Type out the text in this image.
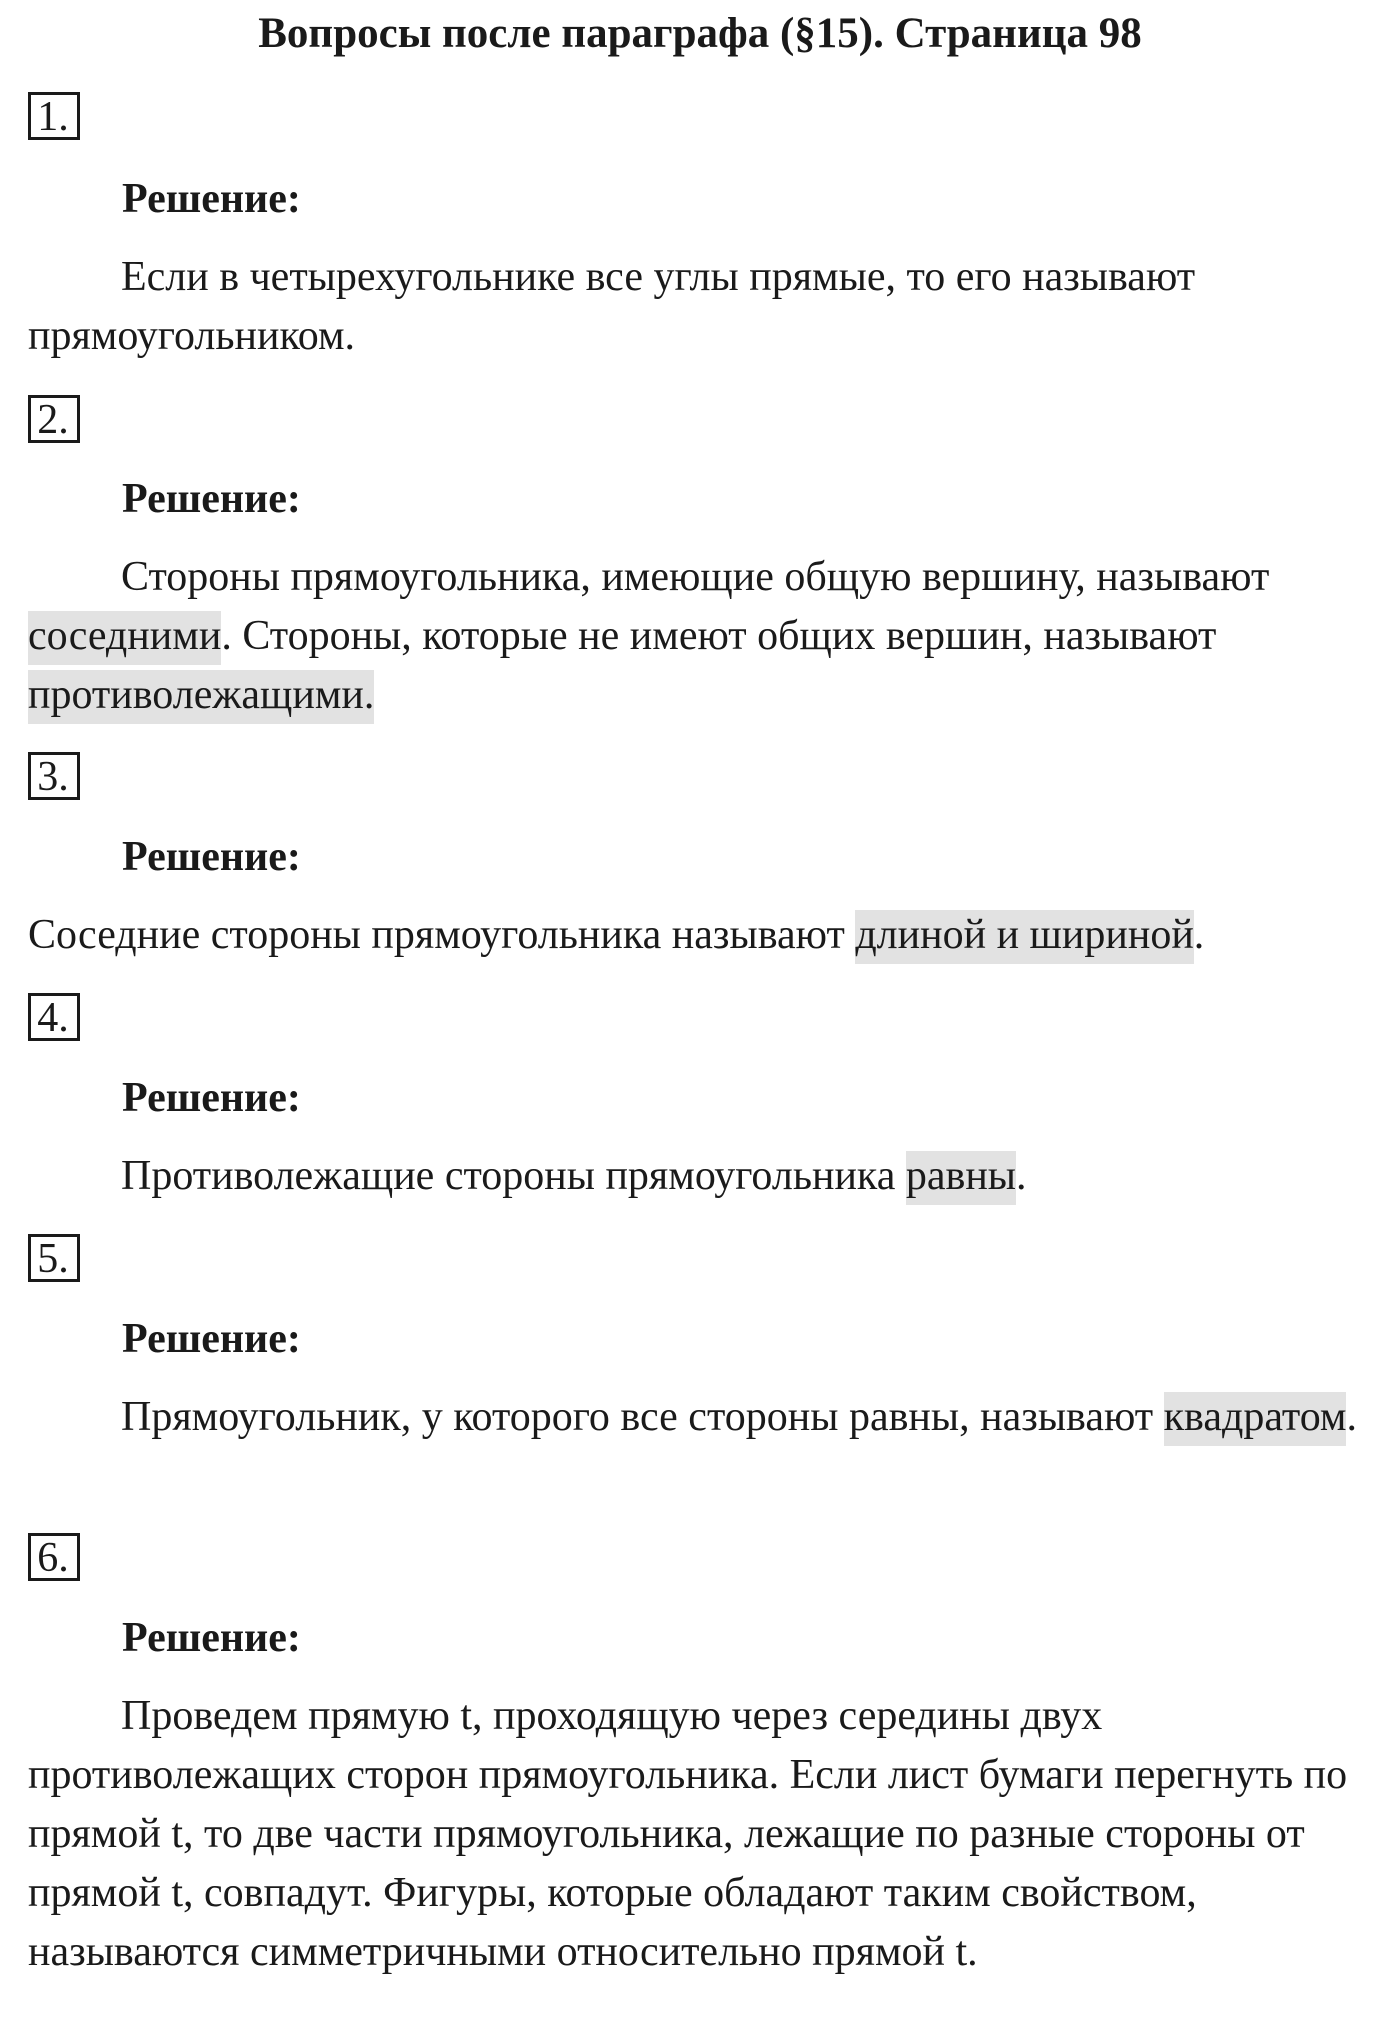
Вопросы после параграфа (§15). Страница 98
1.
Решение:

Если в четырехугольнике все углы прямые, то его называют прямоугольником.

2.
Решение:

Стороны прямоугольника, имеющие общую вершину, называют соседними. Стороны, которые не имеют общих вершин, называют противолежащими.

3.
Решение:

Соседние стороны прямоугольника называют длиной и шириной.

4.
Решение:

Противолежащие стороны прямоугольника равны.

5.
Решение:

Прямоугольник, у которого все стороны равны, называют квадратом.

6.
Решение:

Проведем прямую t, проходящую через середины двух противолежащих сторон прямоугольника. Если лист бумаги перегнуть по прямой t, то две части прямоугольника, лежащие по разные стороны от прямой t, совпадут. Фигуры, которые обладают таким свойством, называются симметричными относительно прямой t.
